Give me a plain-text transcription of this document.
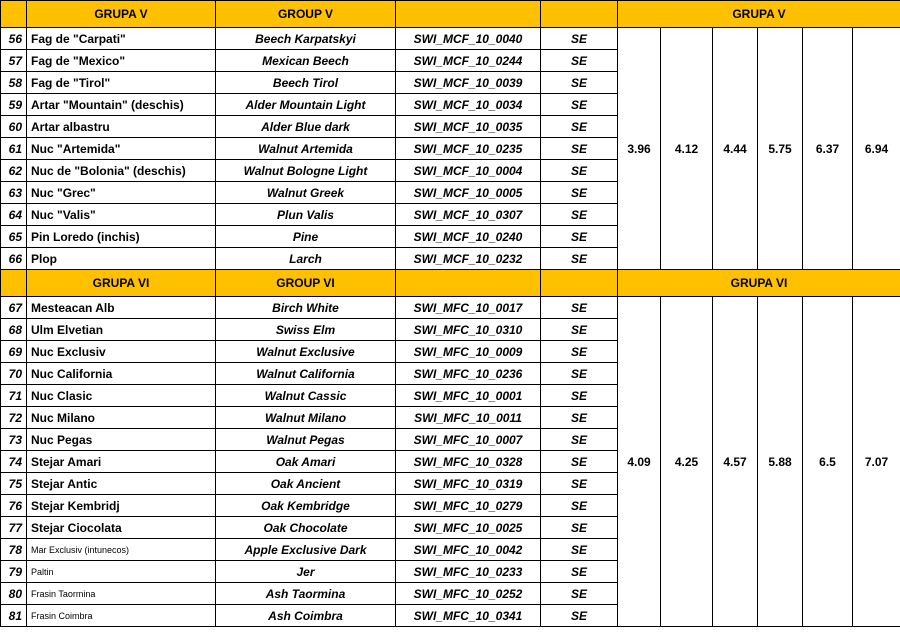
	GRUPA V	GROUP V			GRUPA V					
56	Fag de "Carpati"	Beech Karpatskyi	SWI_MCF_10_0040	SE	3.96	4.12	4.44	5.75	6.37	6.94
57	Fag de "Mexico"	Mexican Beech	SWI_MCF_10_0244	SE						
58	Fag de "Tirol"	Beech Tirol	SWI_MCF_10_0039	SE						
59	Artar "Mountain" (deschis)	Alder Mountain Light	SWI_MCF_10_0034	SE						
60	Artar albastru	Alder Blue dark	SWI_MCF_10_0035	SE						
61	Nuc "Artemida"	Walnut Artemida	SWI_MCF_10_0235	SE						
62	Nuc de "Bolonia" (deschis)	Walnut Bologne Light	SWI_MCF_10_0004	SE						
63	Nuc "Grec"	Walnut Greek	SWI_MCF_10_0005	SE						
64	Nuc "Valis"	Plun Valis	SWI_MCF_10_0307	SE						
65	Pin Loredo (inchis)	Pine	SWI_MCF_10_0240	SE						
66	Plop	Larch	SWI_MCF_10_0232	SE						
	GRUPA VI	GROUP VI			GRUPA VI					
67	Mesteacan Alb	Birch White	SWI_MFC_10_0017	SE	4.09	4.25	4.57	5.88	6.5	7.07
68	Ulm Elvetian	Swiss Elm	SWI_MFC_10_0310	SE						
69	Nuc Exclusiv	Walnut Exclusive	SWI_MFC_10_0009	SE						
70	Nuc California	Walnut California	SWI_MFC_10_0236	SE						
71	Nuc Clasic	Walnut Cassic	SWI_MFC_10_0001	SE						
72	Nuc Milano	Walnut Milano	SWI_MFC_10_0011	SE						
73	Nuc Pegas	Walnut Pegas	SWI_MFC_10_0007	SE						
74	Stejar Amari	Oak Amari	SWI_MFC_10_0328	SE						
75	Stejar Antic	Oak Ancient	SWI_MFC_10_0319	SE						
76	Stejar Kembridj	Oak Kembridge	SWI_MFC_10_0279	SE						
77	Stejar Ciocolata	Oak Chocolate	SWI_MFC_10_0025	SE						
78	Mar Exclusiv (intunecos)	Apple Exclusive Dark	SWI_MFC_10_0042	SE						
79	Paltin	Jer	SWI_MFC_10_0233	SE						
80	Frasin Taormina	Ash Taormina	SWI_MFC_10_0252	SE						
81	Frasin Coimbra	Ash Coimbra	SWI_MFC_10_0341	SE						
